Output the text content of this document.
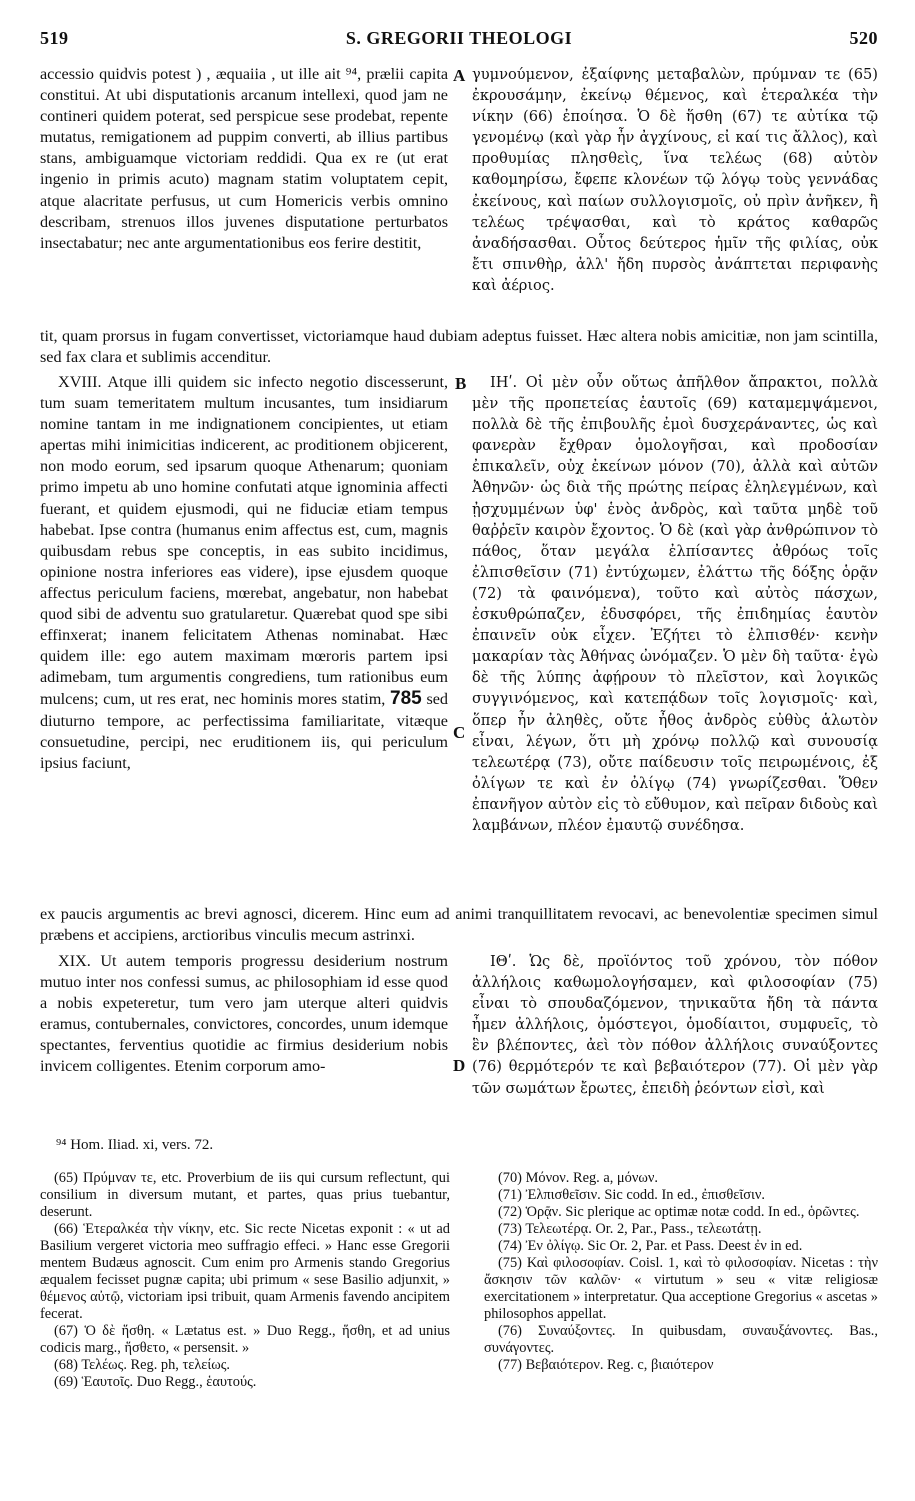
519	S. GREGORII THEOLOGI	520

accessio quidvis potest ) , æquaiia , ut ille ait ⁹⁴, prælii capita constitui. At ubi disputationis arcanum intellexi, quod jam ne contineri quidem poterat, sed perspicue sese prodebat, repente mutatus, remigationem ad puppim converti, ab illius partibus stans, ambiguamque victoriam reddidi. Qua ex re (ut erat ingenio in primis acuto) magnam statim voluptatem cepit, atque alacritate perfusus, ut cum Homericis verbis omnino describam, strenuos illos juvenes disputatione perturbatos insectabatur; nec ante argumentationibus eos ferire destitit,

A γυμνούμενον, ἐξαίφνης μεταβαλὼν, πρύμναν τε (65) ἐκρουσάμην, ἐκείνῳ θέμενος, καὶ ἑτεραλκέα τὴν νίκην (66) ἐποίησα. Ὁ δὲ ἥσθη (67) τε αὐτίκα τῷ γενομένῳ (καὶ γὰρ ἦν ἀγχίνους, εἰ καί τις ἄλλος), καὶ προθυμίας πλησθεὶς, ἵνα τελέως (68) αὐτὸν καθομηρίσω, ἔφεπε κλονέων τῷ λόγῳ τοὺς γεννάδας ἐκείνους, καὶ παίων συλλογισμοῖς, οὐ πρὶν ἀνῆκεν, ἢ τελέως τρέψασθαι, καὶ τὸ κράτος καθαρῶς ἀναδήσασθαι. Οὗτος δεύτερος ἡμῖν τῆς φιλίας, οὐκ ἔτι σπινθὴρ, ἀλλ' ἤδη πυρσὸς ἀνάπτεται περιφανὴς καὶ ἀέριος.

tit, quam prorsus in fugam convertisset, victoriamque haud dubiam adeptus fuisset. Hæc altera nobis amicitiæ, non jam scintilla, sed fax clara et sublimis accenditur.

XVIII. Atque illi quidem sic infecto negotio discesserunt, tum suam temeritatem multum incusantes, tum insidiarum nomine tantam in me indignationem concipientes, ut etiam apertas mihi inimicitias indicerent, ac proditionem objicerent, non modo eorum, sed ipsarum quoque Athenarum; quoniam primo impetu ab uno homine confutati atque ignominia affecti fuerant, et quidem ejusmodi, qui ne fiduciæ etiam tempus habebat. Ipse contra (humanus enim affectus est, cum, magnis quibusdam rebus spe conceptis, in eas subito incidimus, opinione nostra inferiores eas videre), ipse ejusdem quoque affectus periculum faciens, mœrebat, angebatur, non habebat quod sibi de adventu suo gratularetur. Quærebat quod spe sibi effinxerat; inanem felicitatem Athenas nominabat. Hæc quidem ille: ego autem maximam mœroris partem ipsi adimebam, tum argumentis congrediens, tum rationibus eum mulcens; cum, ut res erat, nec hominis mores statim, 785 sed diuturno tempore, ac perfectissima familiaritate, vitæque consuetudine, percipi, nec eruditionem iis, qui periculum ipsius faciunt,

B
C

ΙΗʹ. Οἱ μὲν οὖν οὕτως ἀπῆλθον ἄπρακτοι, πολλὰ μὲν τῆς προπετείας ἑαυτοῖς (69) καταμεμψάμενοι, πολλὰ δὲ τῆς ἐπιβουλῆς ἐμοὶ δυσχεράναντες, ὡς καὶ φανερὰν ἔχθραν ὁμολογῆσαι, καὶ προδοσίαν ἐπικαλεῖν, οὐχ ἐκείνων μόνον (70), ἀλλὰ καὶ αὐτῶν Ἀθηνῶν· ὡς διὰ τῆς πρώτης πείρας ἐληλεγμένων, καὶ ᾐσχυμμένων ὑφ' ἑνὸς ἀνδρὸς, καὶ ταῦτα μηδὲ τοῦ θαῤῥεῖν καιρὸν ἔχοντος. Ὁ δὲ (καὶ γὰρ ἀνθρώπινον τὸ πάθος, ὅταν μεγάλα ἐλπίσαντες ἀθρόως τοῖς ἐλπισθεῖσιν (71) ἐντύχωμεν, ἐλάττω τῆς δόξης ὁρᾷν (72) τὰ φαινόμενα), τοῦτο καὶ αὐτὸς πάσχων, ἐσκυθρώπαζεν, ἐδυσφόρει, τῆς ἐπιδημίας ἑαυτὸν ἐπαινεῖν οὐκ εἶχεν. Ἐζήτει τὸ ἐλπισθέν· κενὴν μακαρίαν τὰς Ἀθήνας ὠνόμαζεν. Ὁ μὲν δὴ ταῦτα· ἐγὼ δὲ τῆς λύπης ἀφῄρουν τὸ πλεῖστον, καὶ λογικῶς συγγινόμενος, καὶ κατεπᾴδων τοῖς λογισμοῖς· καὶ, ὅπερ ἦν ἀληθὲς, οὔτε ἦθος ἀνδρὸς εὐθὺς ἁλωτὸν εἶναι, λέγων, ὅτι μὴ χρόνῳ πολλῷ καὶ συνουσίᾳ τελεωτέρᾳ (73), οὔτε παίδευσιν τοῖς πειρωμένοις, ἐξ ὀλίγων τε καὶ ἐν ὀλίγῳ (74) γνωρίζεσθαι. Ὅθεν ἐπανῆγον αὐτὸν εἰς τὸ εὔθυμον, καὶ πεῖραν διδοὺς καὶ λαμβάνων, πλέον ἐμαυτῷ συνέδησα.

ex paucis argumentis ac brevi agnosci, dicerem. Hinc eum ad animi tranquillitatem revocavi, ac benevolentiæ specimen simul præbens et accipiens, arctioribus vinculis mecum astrinxi.

XIX. Ut autem temporis progressu desiderium nostrum mutuo inter nos confessi sumus, ac philosophiam id esse quod a nobis expeteretur, tum vero jam uterque alteri quidvis eramus, contubernales, convictores, concordes, unum idemque spectantes, ferventius quotidie ac firmius desiderium nobis invicem colligentes. Etenim corporum amo-	D

ΙΘʹ. Ὡς δὲ, προϊόντος τοῦ χρόνου, τὸν πόθον ἀλλήλοις καθωμολογήσαμεν, καὶ φιλοσοφίαν (75) εἶναι τὸ σπουδαζόμενον, τηνικαῦτα ἤδη τὰ πάντα ἦμεν ἀλλήλοις, ὁμόστεγοι, ὁμοδίαιτοι, συμφυεῖς, τὸ ἓν βλέποντες, ἀεὶ τὸν πόθον ἀλλήλοις συναύξοντες (76) θερμότερόν τε καὶ βεβαιότερον (77). Οἱ μὲν γὰρ τῶν σωμάτων ἔρωτες, ἐπειδὴ ῥεόντων εἰσὶ, καὶ

⁹⁴ Hom. Iliad. xi, vers. 72.

(65) Πρύμναν τε, etc. Proverbium de iis qui cursum reflectunt, qui consilium in diversum mutant, et partes, quas prius tuebantur, deserunt.

(66) Ἑτεραλκέα τὴν νίκην, etc. Sic recte Nicetas exponit : « ut ad Basilium vergeret victoria meo suffragio effeci. » Hanc esse Gregorii mentem Budæus agnoscit. Cum enim pro Armenis stando Gregorius æqualem fecisset pugnæ capita; ubi primum « sese Basilio adjunxit, » θέμενος αὐτῷ, victoriam ipsi tribuit, quam Armenis favendo ancipitem fecerat.

(67) Ὁ δὲ ἥσθη. « Lætatus est. » Duo Regg., ἥσθη, et ad unius codicis marg., ἥσθετο, « persensit. »

(68) Τελέως. Reg. ph, τελείως.

(69) Ἑαυτοῖς. Duo Regg., ἑαυτούς.

(70) Μόνον. Reg. a, μόνων.

(71) Ἐλπισθεῖσιν. Sic codd. In ed., ἐπισθεῖσιν.

(72) Ὁρᾷν. Sic plerique ac optimæ notæ codd. In ed., ὁρῶντες.

(73) Τελεωτέρᾳ. Or. 2, Par., Pass., τελεωτάτῃ.

(74) Ἐν ὀλίγῳ. Sic Or. 2, Par. et Pass. Deest ἐν in ed.

(75) Καὶ φιλοσοφίαν. Coisl. 1, καὶ τὸ φιλοσοφίαν. Nicetas : τὴν ἄσκησιν τῶν καλῶν· « virtutum » seu « vitæ religiosæ exercitationem » interpretatur. Qua acceptione Gregorius « ascetas » philosophos appellat.

(76) Συναύξοντες. In quibusdam, συναυξάνοντες. Bas., συνάγοντες.

(77) Βεβαιότερον. Reg. c, βιαιότερον
